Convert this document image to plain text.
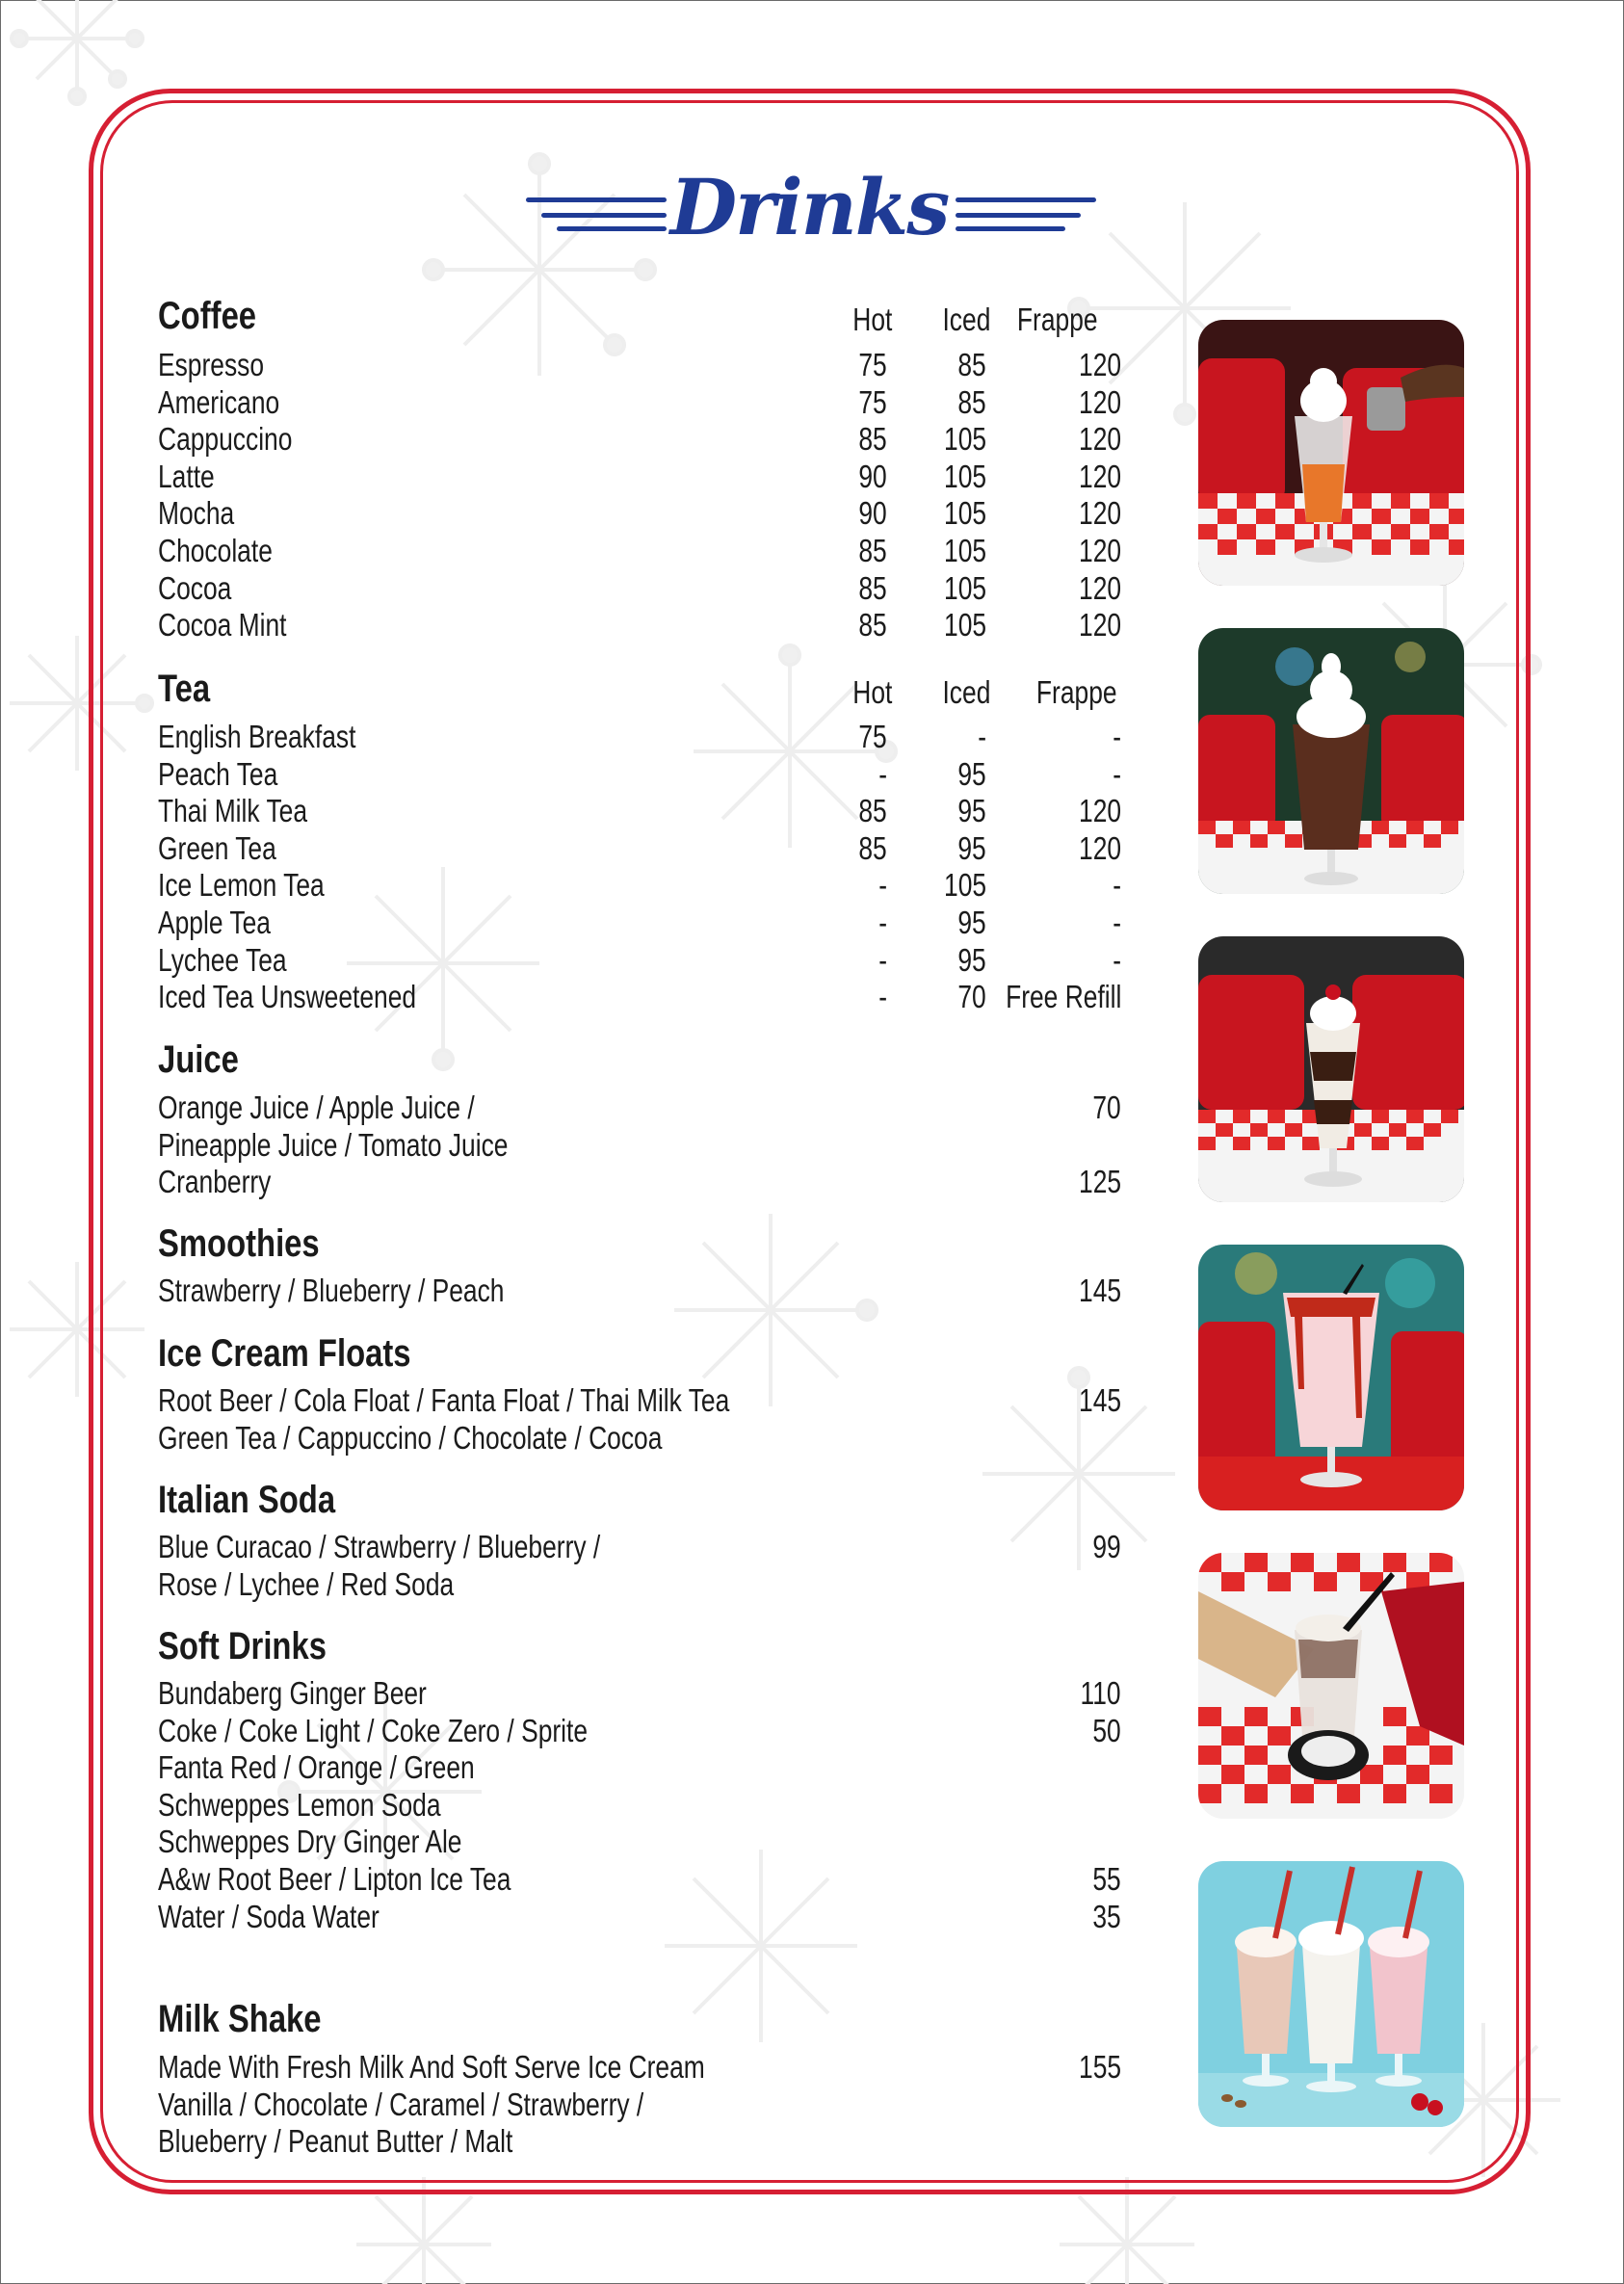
Drinks
Coffee	Hot Iced Frappe
Espresso	75 85	120
Americano	75 85	120
Cappuccino	85 105	120
Latte	90 105	120
Mocha	90 105	120
Chocolate	85 105	120
Cocoa	85 105	120
Cocoa Mint	85 105	120
Tea	Hot Iced Frappe
English Breakfast	75	-	-
Peach Tea	- 95	-
Thai Milk Tea	85 95	120
Green Tea	85 95	120
Ice Lemon Tea	- 105	-
Apple Tea	- 95	-
Lychee Tea	- 95	-
Iced Tea Unsweetened	- 70 Free Refill
Juice
Orange Juice / Apple Juice /	70
Pineapple Juice / Tomato Juice
Cranberry	125
Smoothies
Strawberry / Blueberry / Peach	145
Ice Cream Floats
Root Beer / Cola Float / Fanta Float / Thai Milk Tea	145
Green Tea / Cappuccino / Chocolate / Cocoa
Italian Soda
Blue Curacao / Strawberry / Blueberry /	99
Rose / Lychee / Red Soda
Soft Drinks
Bundaberg Ginger Beer	110
Coke / Coke Light / Coke Zero / Sprite	50
Fanta Red / Orange / Green
Schweppes Lemon Soda
Schweppes Dry Ginger Ale
A&w Root Beer / Lipton Ice Tea	55
Water / Soda Water	35
Milk Shake
Made With Fresh Milk And Soft Serve Ice Cream	155
Vanilla / Chocolate / Caramel / Strawberry /
Blueberry / Peanut Butter / Malt
